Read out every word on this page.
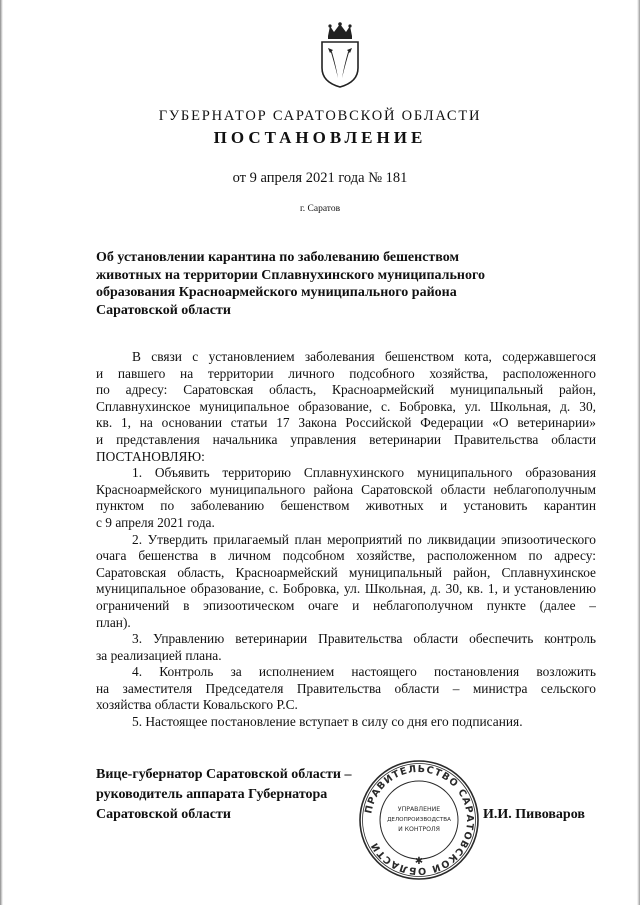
ГУБЕРНАТОР САРАТОВСКОЙ ОБЛАСТИ
ПОСТАНОВЛЕНИЕ
от 9 апреля 2021 года № 181
г. Саратов
Об установлении карантина по заболеванию бешенством
животных на территории Сплавнухинского муниципального
образования Красноармейского муниципального района
Саратовской области
В связи с установлением заболевания бешенством кота, содержавшегося
и павшего на территории личного подсобного хозяйства, расположенного
по адресу: Саратовская область, Красноармейский муниципальный район,
Сплавнухинское муниципальное образование, с. Бобровка, ул. Школьная, д. 30,
кв. 1, на основании статьи 17 Закона Российской Федерации «О ветеринарии»
и представления начальника управления ветеринарии Правительства области
ПОСТАНОВЛЯЮ:
1. Объявить территорию Сплавнухинского муниципального образования
Красноармейского муниципального района Саратовской области неблагополучным
пунктом по заболеванию бешенством животных и установить карантин
с 9 апреля 2021 года.
2. Утвердить прилагаемый план мероприятий по ликвидации эпизоотического
очага бешенства в личном подсобном хозяйстве, расположенном по адресу:
Саратовская область, Красноармейский муниципальный район, Сплавнухинское
муниципальное образование, с. Бобровка, ул. Школьная, д. 30, кв. 1, и установлению
ограничений в эпизоотическом очаге и неблагополучном пункте (далее –
план).
3. Управлению ветеринарии Правительства области обеспечить контроль
за реализацией плана.
4. Контроль за исполнением настоящего постановления возложить
на заместителя Председателя Правительства области – министра сельского
хозяйства области Ковальского Р.С.
5. Настоящее постановление вступает в силу со дня его подписания.
Вице-губернатор Саратовской области –
руководитель аппарата Губернатора
Саратовской области	ПРАВИТЕЛЬСТВО САРАТОВСКОЙ ОБЛАСТИ
✱
УПРАВЛЕНИЕ
ДЕЛОПРОИЗВОДСТВА
И КОНТРОЛЯ
И.И. Пивоваров
